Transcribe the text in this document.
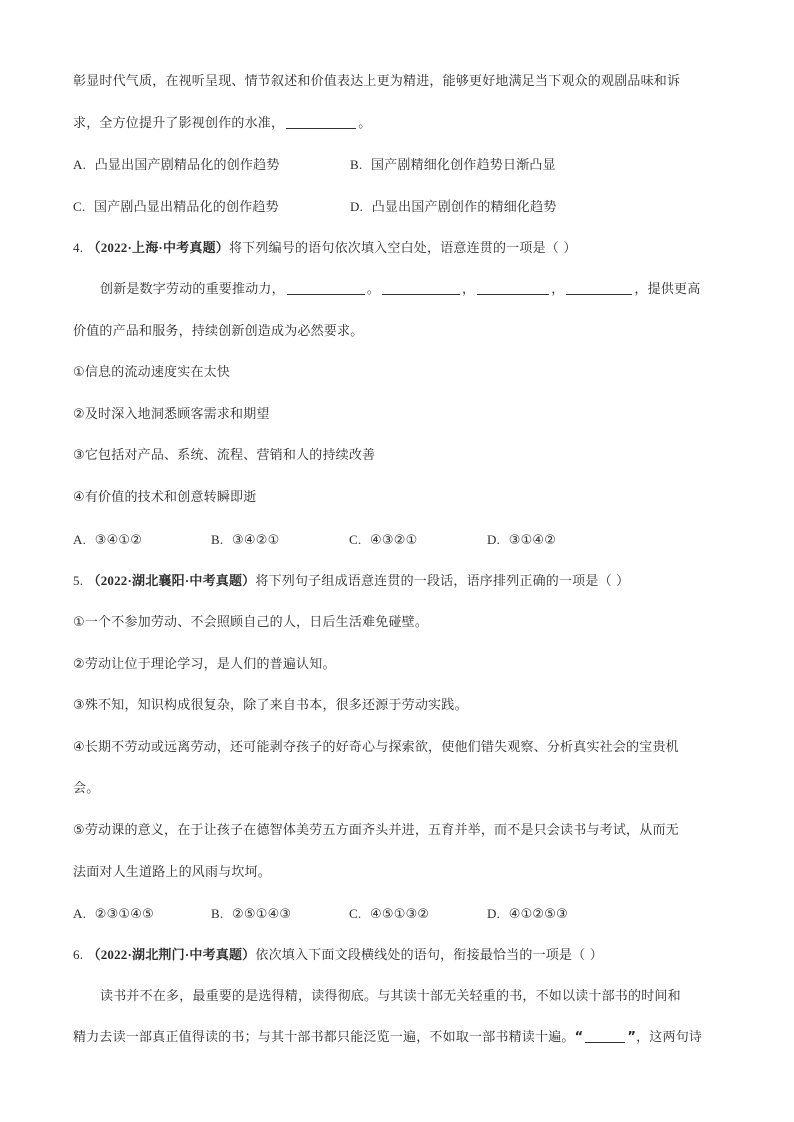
彰显时代气质，在视听呈现、情节叙述和价值表达上更为精进，能够更好地满足当下观众的观剧品味和诉
求，全方位提升了影视创作的水准，	。
A. 凸显出国产剧精品化的创作趋势	B. 国产剧精细化创作趋势日渐凸显
C. 国产剧凸显出精品化的创作趋势	D. 凸显出国产剧创作的精细化趋势
4. （2022·上海·中考真题）将下列编号的语句依次填入空白处，语意连贯的一项是（ ）
创新是数字劳动的重要推动力，	。	，	，	，提供更高
价值的产品和服务，持续创新创造成为必然要求。
①信息的流动速度实在太快
②及时深入地洞悉顾客需求和期望
③它包括对产品、系统、流程、营销和人的持续改善
④有价值的技术和创意转瞬即逝
A. ③④①②	B. ③④②①	C. ④③②①	D. ③①④②
5. （2022·湖北襄阳·中考真题）将下列句子组成语意连贯的一段话，语序排列正确的一项是（ ）
①一个不参加劳动、不会照顾自己的人，日后生活难免碰壁。
②劳动让位于理论学习，是人们的普遍认知。
③殊不知，知识构成很复杂，除了来自书本，很多还源于劳动实践。
④长期不劳动或远离劳动，还可能剥夺孩子的好奇心与探索欲，使他们错失观察、分析真实社会的宝贵机
会。
⑤劳动课的意义，在于让孩子在德智体美劳五方面齐头并进，五育并举，而不是只会读书与考试，从而无
法面对人生道路上的风雨与坎坷。
A. ②③①④⑤	B. ②⑤①④③	C. ④⑤①③②	D. ④①②⑤③
6. （2022·湖北荆门·中考真题）依次填入下面文段横线处的语句，衔接最恰当的一项是（ ）
读书并不在多，最重要的是选得精，读得彻底。与其读十部无关轻重的书，不如以读十部书的时间和
精力去读一部真正值得读的书；与其十部书都只能泛览一遍，不如取一部书精读十遍。“	”，这两句诗
